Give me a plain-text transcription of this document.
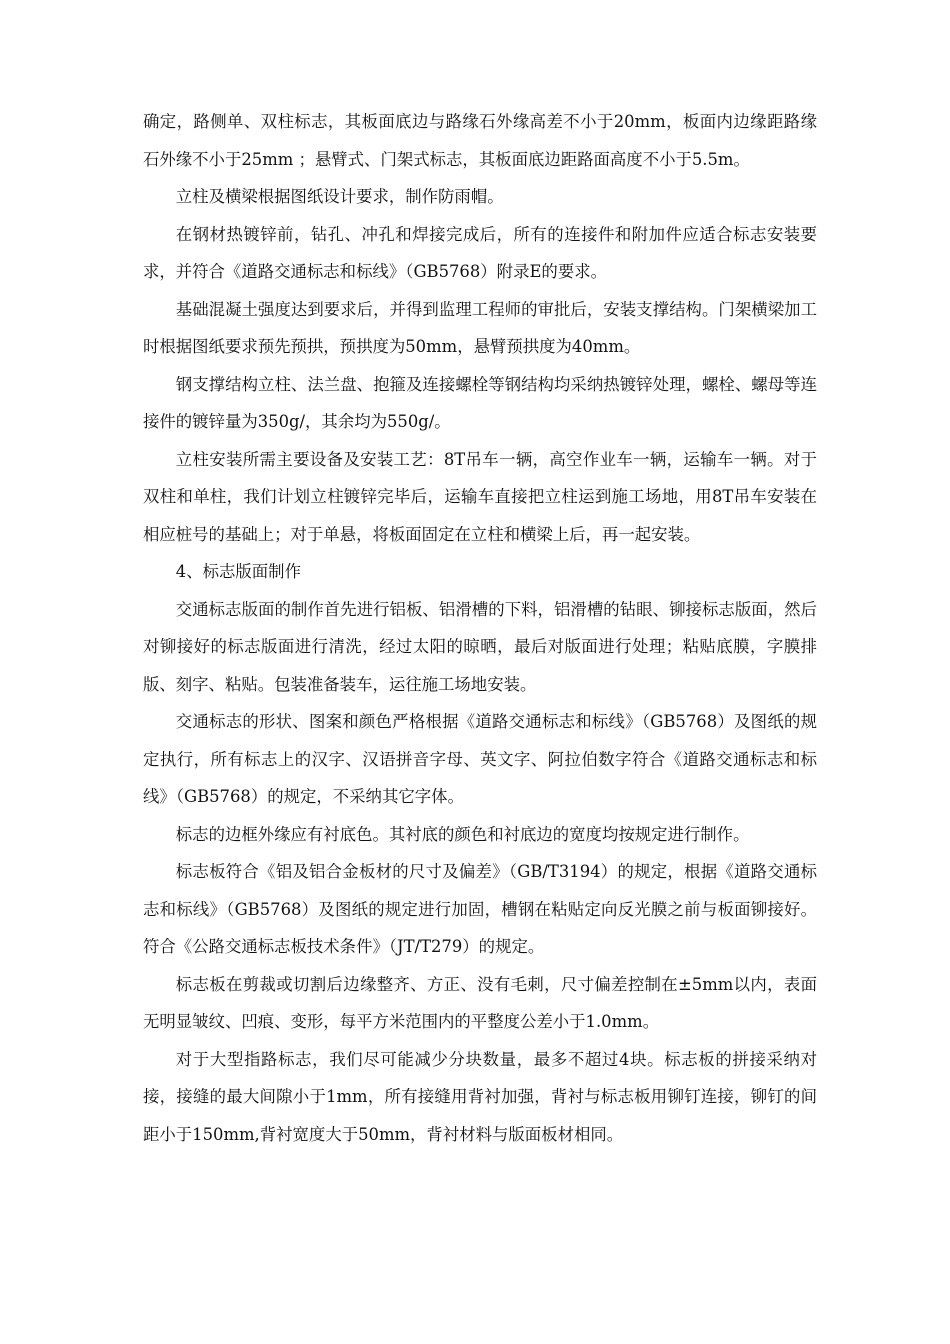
确定，路侧单、双柱标志，其板面底边与路缘石外缘高差不小于20mm，板面内边缘距路缘石外缘不小于25mm ；悬臂式、门架式标志，其板面底边距路面高度不小于5.5m。

立柱及横梁根据图纸设计要求，制作防雨帽。

在钢材热镀锌前，钻孔、冲孔和焊接完成后，所有的连接件和附加件应适合标志安装要求，并符合《道路交通标志和标线》（GB5768）附录E的要求。

基础混凝土强度达到要求后，并得到监理工程师的审批后，安装支撑结构。门架横梁加工时根据图纸要求预先预拱，预拱度为50mm，悬臂预拱度为40mm。

钢支撑结构立柱、法兰盘、抱箍及连接螺栓等钢结构均采纳热镀锌处理，螺栓、螺母等连接件的镀锌量为350g/，其余均为550g/。

立柱安装所需主要设备及安装工艺：8T吊车一辆，高空作业车一辆，运输车一辆。对于双柱和单柱，我们计划立柱镀锌完毕后，运输车直接把立柱运到施工场地，用8T吊车安装在相应桩号的基础上；对于单悬，将板面固定在立柱和横梁上后，再一起安装。

4、标志版面制作

交通标志版面的制作首先进行铝板、铝滑槽的下料，铝滑槽的钻眼、铆接标志版面，然后对铆接好的标志版面进行清洗，经过太阳的晾晒，最后对版面进行处理；粘贴底膜，字膜排版、刻字、粘贴。包装准备装车，运往施工场地安装。

交通标志的形状、图案和颜色严格根据《道路交通标志和标线》（GB5768）及图纸的规定执行，所有标志上的汉字、汉语拼音字母、英文字、阿拉伯数字符合《道路交通标志和标线》（GB5768）的规定，不采纳其它字体。

标志的边框外缘应有衬底色。其衬底的颜色和衬底边的宽度均按规定进行制作。

标志板符合《铝及铝合金板材的尺寸及偏差》（GB/T3194）的规定，根据《道路交通标志和标线》（GB5768）及图纸的规定进行加固，槽钢在粘贴定向反光膜之前与板面铆接好。符合《公路交通标志板技术条件》（JT/T279）的规定。

标志板在剪裁或切割后边缘整齐、方正、没有毛刺，尺寸偏差控制在±5mm以内，表面无明显皱纹、凹痕、变形，每平方米范围内的平整度公差小于1.0mm。

对于大型指路标志，我们尽可能减少分块数量，最多不超过4块。标志板的拼接采纳对接，接缝的最大间隙小于1mm，所有接缝用背衬加强，背衬与标志板用铆钉连接，铆钉的间距小于150mm,背衬宽度大于50mm，背衬材料与版面板材相同。
